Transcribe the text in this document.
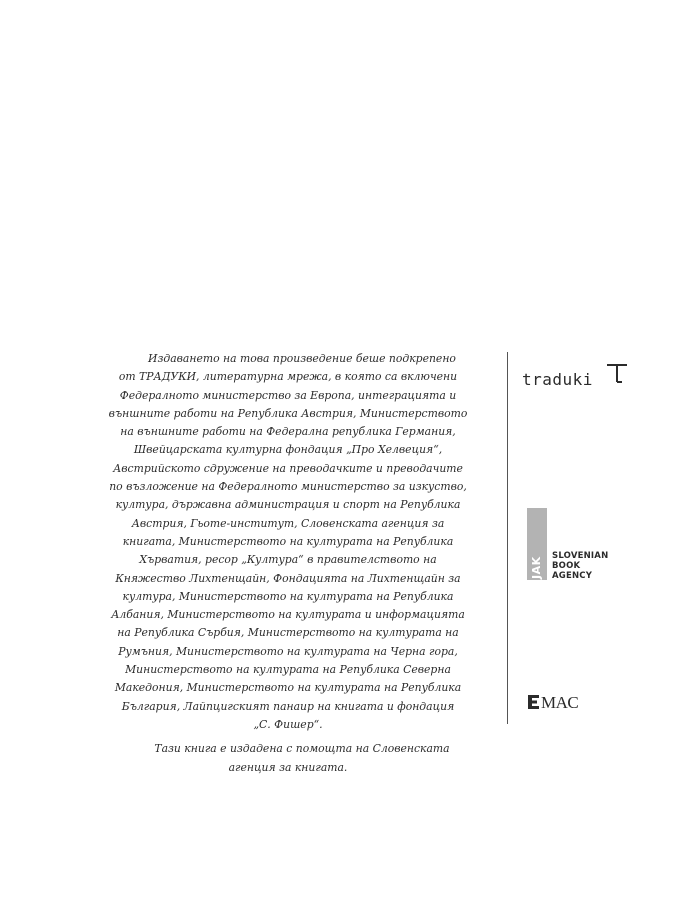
Издаването на това произведение беше подкрепено
от ТРАДУКИ, литературна мрежа, в която са включени
Федералното министерство за Европа, интеграцията и
външните работи на Република Австрия, Министерството
на външните работи на Федерална република Германия,
Швейцарската културна фондация „Про Хелвеция“,
Австрийското сдружение на преводачките и преводачите
по възложение на Федералното министерство за изкуство,
култура, държавна администрация и спорт на Република
Австрия, Гьоте-институт, Словенската агенция за
книгата, Министерството на културата на Република
Хърватия, ресор „Култура“ в правителството на
Княжество Лихтенщайн, Фондацията на Лихтенщайн за
култура, Министерството на културата на Република
Албания, Министерството на културата и информацията
на Република Сърбия, Министерството на културата на
Румъния, Министерството на културата на Черна гора,
Министерството на културата на Република Северна
Македония, Министерството на културата на Република
България, Лайпцигският панаир на книгата и фондация
„С. Фишер“.

Тази книга е издадена с помощта на Словенската
агенция за книгата.

traduki
JAK
SLOVENIAN
BOOK
AGENCY
MAC
